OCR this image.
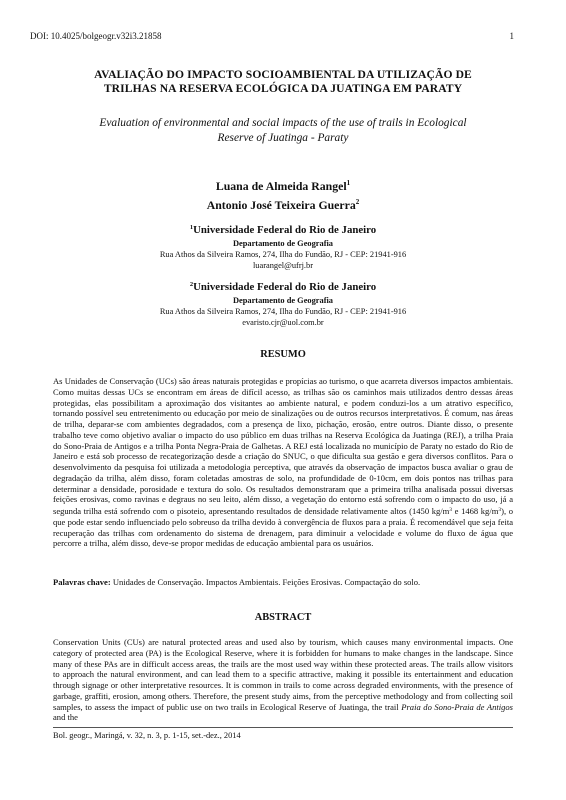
DOI: 10.4025/bolgeogr.v32i3.21858	1
AVALIAÇÃO DO IMPACTO SOCIOAMBIENTAL DA UTILIZAÇÃO DE
TRILHAS NA RESERVA ECOLÓGICA DA JUATINGA EM PARATY
Evaluation of environmental and social impacts of the use of trails in Ecological
Reserve of Juatinga - Paraty
Luana de Almeida Rangel$^1$
Antonio José Teixeira Guerra$^2$
$^1$Universidade Federal do Rio de Janeiro
Departamento de Geografia
Rua Athos da Silveira Ramos, 274, Ilha do Fundão, RJ - CEP: 21941-916
luarangel@ufrj.br
$^2$Universidade Federal do Rio de Janeiro
Departamento de Geografia
Rua Athos da Silveira Ramos, 274, Ilha do Fundão, RJ - CEP: 21941-916
evaristo.cjr@uol.com.br
RESUMO
As Unidades de Conservação (UCs) são áreas naturais protegidas e propícias ao turismo, o que acarreta diversos impactos ambientais. Como muitas dessas UCs se encontram em áreas de difícil acesso, as trilhas são os caminhos mais utilizados dentro dessas áreas protegidas, elas possibilitam a aproximação dos visitantes ao ambiente natural, e podem conduzi-los a um atrativo específico, tornando possível seu entretenimento ou educação por meio de sinalizações ou de outros recursos interpretativos. É comum, nas áreas de trilha, deparar-se com ambientes degradados, com a presença de lixo, pichação, erosão, entre outros. Diante disso, o presente trabalho teve como objetivo avaliar o impacto do uso público em duas trilhas na Reserva Ecológica da Juatinga (REJ), a trilha Praia do Sono-Praia de Antigos e a trilha Ponta Negra-Praia de Galhetas. A REJ está localizada no município de Paraty no estado do Rio de Janeiro e está sob processo de recategorização desde a criação do SNUC, o que dificulta sua gestão e gera diversos conflitos. Para o desenvolvimento da pesquisa foi utilizada a metodologia perceptiva, que através da observação de impactos busca avaliar o grau de degradação da trilha, além disso, foram coletadas amostras de solo, na profundidade de 0-10cm, em dois pontos nas trilhas para determinar a densidade, porosidade e textura do solo. Os resultados demonstraram que a primeira trilha analisada possui diversas feições erosivas, como ravinas e degraus no seu leito, além disso, a vegetação do entorno está sofrendo com o impacto do uso, já a segunda trilha está sofrendo com o pisoteio, apresentando resultados de densidade relativamente altos (1450 $kg/m^3$ e 1468 $kg/m^3$), o que pode estar sendo influenciado pelo sobreuso da trilha devido à convergência de fluxos para a praia. É recomendável que seja feita recuperação das trilhas com ordenamento do sistema de drenagem, para diminuir a velocidade e volume do fluxo de água que percorre a trilha, além disso, deve-se propor medidas de educação ambiental para os usuários.
Palavras chave: Unidades de Conservação. Impactos Ambientais. Feições Erosivas. Compactação do solo.
ABSTRACT
Conservation Units (CUs) are natural protected areas and used also by tourism, which causes many environmental impacts. One category of protected area (PA) is the Ecological Reserve, where it is forbidden for humans to make changes in the landscape. Since many of these PAs are in difficult access areas, the trails are the most used way within these protected areas. The trails allow visitors to approach the natural environment, and can lead them to a specific attractive, making it possible its entertainment and education through signage or other interpretative resources. It is common in trails to come across degraded environments, with the presence of garbage, graffiti, erosion, among others. Therefore, the present study aims, from the perceptive methodology and from collecting soil samples, to assess the impact of public use on two trails in Ecological Reserve of Juatinga, the trail Praia do Sono-Praia de Antigos and the
Bol. geogr., Maringá, v. 32, n. 3, p. 1-15, set.-dez., 2014
